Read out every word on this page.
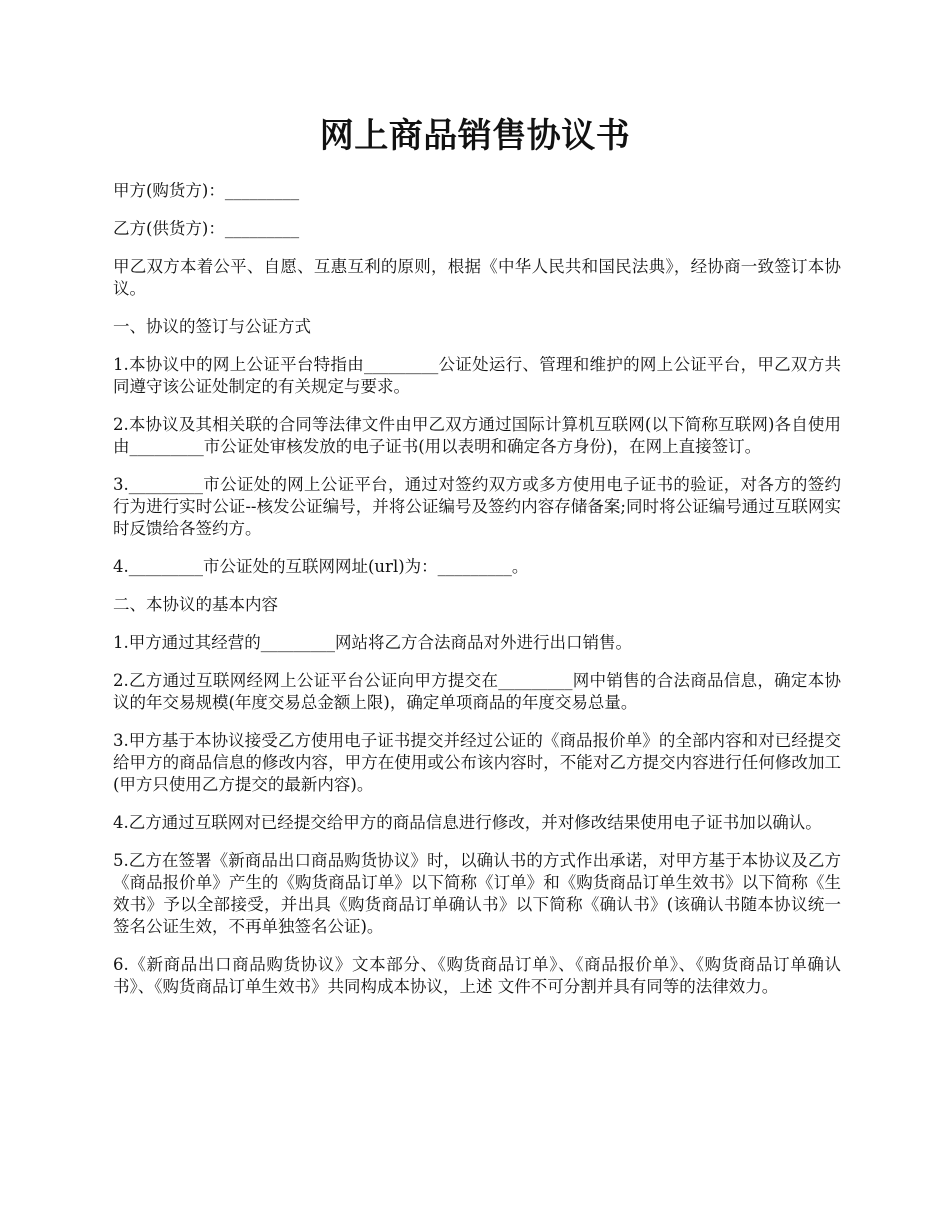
网上商品销售协议书

甲方(购货方)：_________

乙方(供货方)：_________

甲乙双方本着公平、自愿、互惠互利的原则，根据《中华人民共和国民法典》，经协商一致签订本协议。

一、协议的签订与公证方式

1.本协议中的网上公证平台特指由_________公证处运行、管理和维护的网上公证平台，甲乙双方共同遵守该公证处制定的有关规定与要求。

2.本协议及其相关联的合同等法律文件由甲乙双方通过国际计算机互联网(以下简称互联网)各自使用由_________市公证处审核发放的电子证书(用以表明和确定各方身份)，在网上直接签订。

3._________市公证处的网上公证平台，通过对签约双方或多方使用电子证书的验证，对各方的签约行为进行实时公证--核发公证编号，并将公证编号及签约内容存储备案;同时将公证编号通过互联网实时反馈给各签约方。

4._________市公证处的互联网网址(url)为：_________。

二、本协议的基本内容

1.甲方通过其经营的_________网站将乙方合法商品对外进行出口销售。

2.乙方通过互联网经网上公证平台公证向甲方提交在_________网中销售的合法商品信息，确定本协议的年交易规模(年度交易总金额上限)，确定单项商品的年度交易总量。

3.甲方基于本协议接受乙方使用电子证书提交并经过公证的《商品报价单》的全部内容和对已经提交给甲方的商品信息的修改内容，甲方在使用或公布该内容时，不能对乙方提交内容进行任何修改加工(甲方只使用乙方提交的最新内容)。

4.乙方通过互联网对已经提交给甲方的商品信息进行修改，并对修改结果使用电子证书加以确认。

5.乙方在签署《新商品出口商品购货协议》时，以确认书的方式作出承诺，对甲方基于本协议及乙方《商品报价单》产生的《购货商品订单》以下简称《订单》和《购货商品订单生效书》以下简称《生效书》予以全部接受，并出具《购货商品订单确认书》以下简称《确认书》(该确认书随本协议统一签名公证生效，不再单独签名公证)。

6.《新商品出口商品购货协议》文本部分、《购货商品订单》、《商品报价单》、《购货商品订单确认书》、《购货商品订单生效书》共同构成本协议，上述 文件不可分割并具有同等的法律效力。
